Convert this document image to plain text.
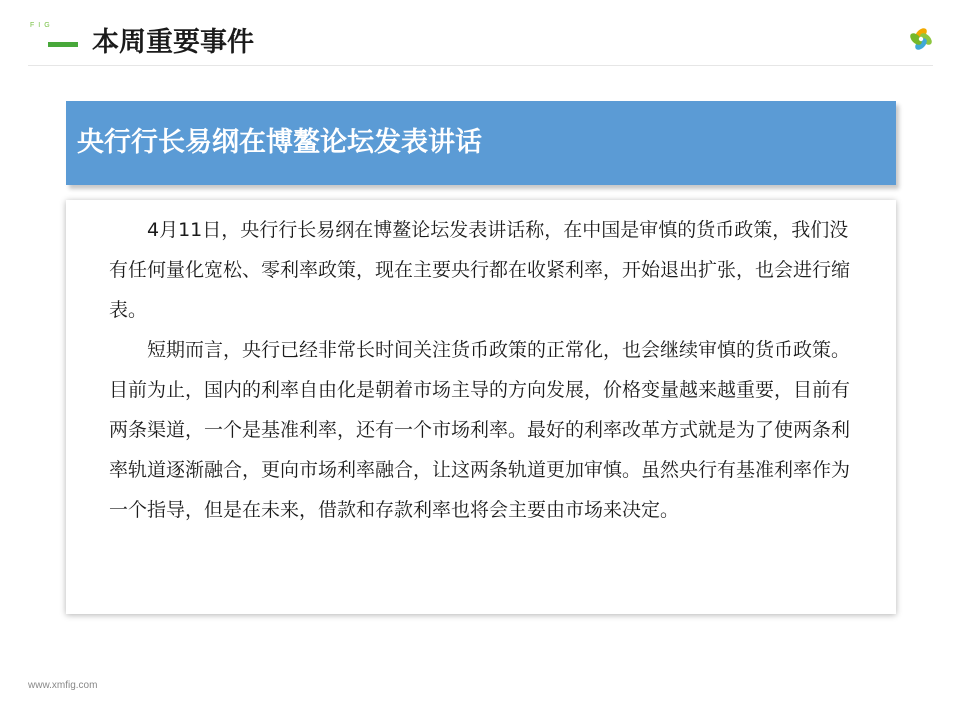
FIG
本周重要事件
央行行长易纲在博鳌论坛发表讲话

4月11日，央行行长易纲在博鳌论坛发表讲话称，在中国是审慎的货币政策，我们没有任何量化宽松、零利率政策，现在主要央行都在收紧利率，开始退出扩张，也会进行缩表。

短期而言，央行已经非常长时间关注货币政策的正常化，也会继续审慎的货币政策。目前为止，国内的利率自由化是朝着市场主导的方向发展，价格变量越来越重要，目前有两条渠道，一个是基准利率，还有一个市场利率。最好的利率改革方式就是为了使两条利率轨道逐渐融合，更向市场利率融合，让这两条轨道更加审慎。虽然央行有基准利率作为一个指导，但是在未来，借款和存款利率也将会主要由市场来决定。

www.xmfig.com
